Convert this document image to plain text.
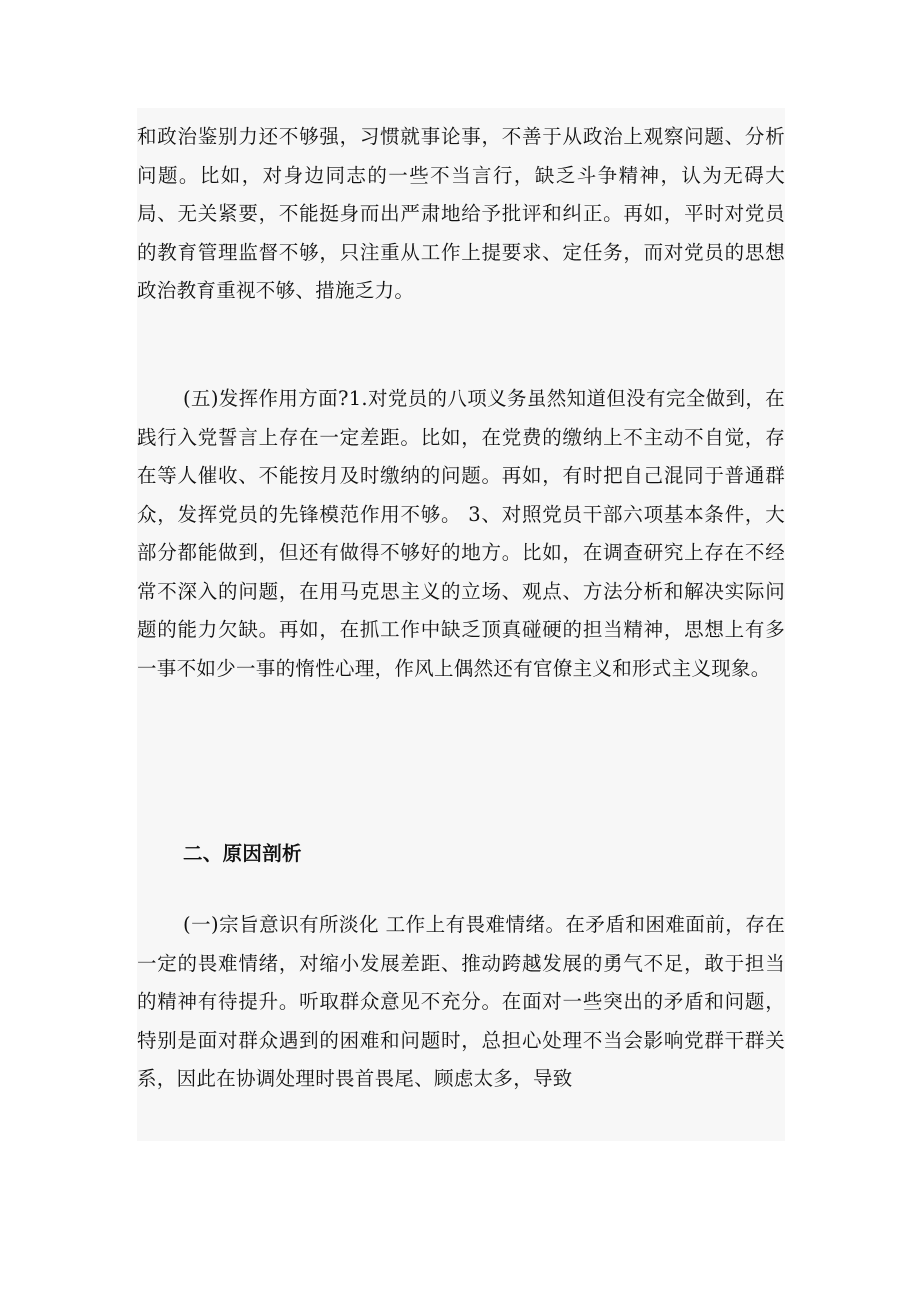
和政治鉴别力还不够强，习惯就事论事，不善于从政治上观察问题、分析问题。比如，对身边同志的一些不当言行，缺乏斗争精神，认为无碍大局、无关紧要，不能挺身而出严肃地给予批评和纠正。再如，平时对党员的教育管理监督不够，只注重从工作上提要求、定任务，而对党员的思想政治教育重视不够、措施乏力。

(五)发挥作用方面?1.对党员的八项义务虽然知道但没有完全做到，在践行入党誓言上存在一定差距。比如，在党费的缴纳上不主动不自觉，存在等人催收、不能按月及时缴纳的问题。再如，有时把自己混同于普通群众，发挥党员的先锋模范作用不够。 3、对照党员干部六项基本条件，大部分都能做到，但还有做得不够好的地方。比如，在调查研究上存在不经常不深入的问题，在用马克思主义的立场、观点、方法分析和解决实际问题的能力欠缺。再如，在抓工作中缺乏顶真碰硬的担当精神，思想上有多一事不如少一事的惰性心理，作风上偶然还有官僚主义和形式主义现象。

二、原因剖析

(一)宗旨意识有所淡化 工作上有畏难情绪。在矛盾和困难面前，存在一定的畏难情绪，对缩小发展差距、推动跨越发展的勇气不足，敢于担当的精神有待提升。听取群众意见不充分。在面对一些突出的矛盾和问题，特别是面对群众遇到的困难和问题时，总担心处理不当会影响党群干群关系，因此在协调处理时畏首畏尾、顾虑太多，导致
